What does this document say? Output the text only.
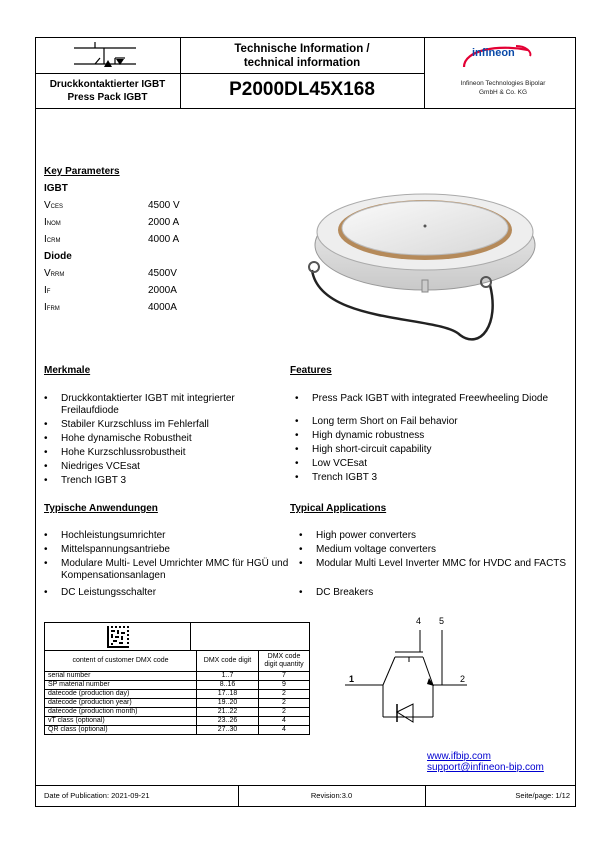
Technische Information /
technical information
Druckkontaktierter IGBT
Press Pack IGBT	P2000DL45X168
infineon
Infineon Technologies Bipolar
GmbH & Co. KG
Key Parameters
IGBT
VCES	4500 V
INOM	2000 A
ICRM	4000 A
Diode
VRRM	4500V
IF	2000A
IFRM	4000A
Merkmale	Features
• Druckkontaktierter IGBT mit integrierter Freilaufdiode
• Stabiler Kurzschluss im Fehlerfall
• Hohe dynamische Robustheit
• Hohe Kurzschlussrobustheit
• Niedriges VCEsat
• Trench IGBT 3
• Press Pack IGBT with integrated Freewheeling Diode
• Long term Short on Fail behavior
• High dynamic robustness
• High short-circuit capability
• Low VCEsat
• Trench IGBT 3
Typische Anwendungen	Typical Applications
• Hochleistungsumrichter
• Mittelspannungsantriebe
• Modulare Multi- Level Umrichter MMC für HGÜ und Kompensationsanlagen
• DC Leistungsschalter
• High power converters
• Medium voltage converters
• Modular Multi Level Inverter MMC for HVDC and FACTS
• DC Breakers
content of customer DMX code	DMX code digit	DMX code digit quantity
serial number	1..7	7
SP material number	8..16	9
datecode (production day)	17..18	2
datecode (production year)	19..20	2
datecode (production month)	21..22	2
vT class (optional)	23..26	4
QR class (optional)	27..30	4
1	2
4 5
www.ifbip.com
support@infineon-bip.com
Date of Publication: 2021-09-21	Revision:3.0	Seite/page: 1/12
